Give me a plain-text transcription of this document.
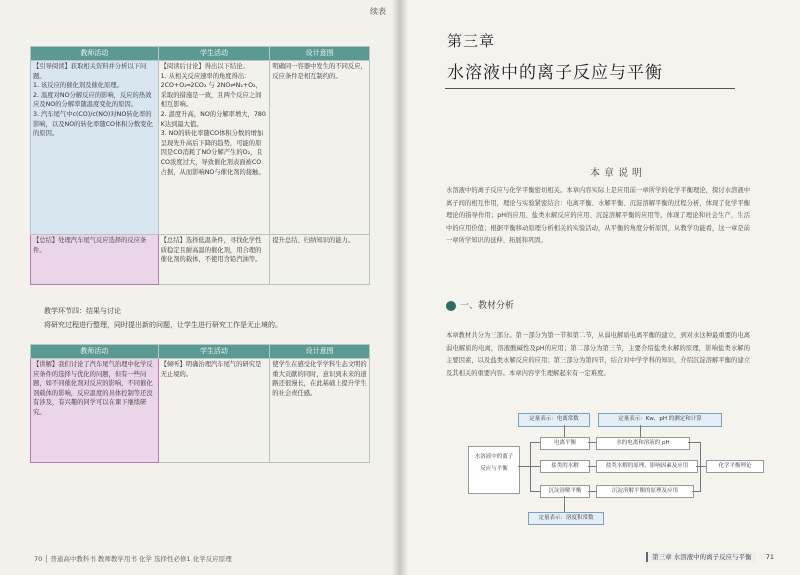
续表
教师活动	学生活动	设计意图
【引导阅读】获取相关资料并分析以下问题。
1. 该反应的催化剂及催化原理。
2. 温度对NO分解反应的影响，反应的热效应及NO的分解率随温度变化的原因。
3. 汽车尾气中c(CO)/c(NO)对NO转化率的影响，以及NO的转化率随CO体积分数变化的原因。	【阅读后讨论】得出以下结论。
1. 从相关反应速率的角度得出：
2CO+O₂═2CO₂ 与 2NO⇌N₂+O₂，采取的措施是一致，且两个反应之间相互影响。
2. 温度升高，NO的分解率增大，780 K达到最大值。
3. NO的转化率随CO体积分数的增加呈现先升高后下降的趋势，可能的原因是CO消耗了NO分解产生的O₂，且CO浓度过大，导致催化剂表面被CO占据，从而影响NO与催化剂的接触。	明确同一容器中发生的不同反应，反应条件是相互制约的。
【总结】处理汽车尾气反应选择的反应条件。	【总结】选择低温条件，寻找化学性质稳定且耐高温的催化剂，用合理的催化剂的载体，不使用含铅汽油等。	提升总结、归纳知识的能力。
教学环节四：结果与讨论
将研究过程进行整理，同时提出新的问题，让学生进行研究工作是无止境的。
教师活动	学生活动	设计意图
【讲解】我们讨论了汽车尾气治理中化学反应条件的选择与优化的问题，但有一些问题，如不同催化剂对反应的影响，不同催化剂载体的影响，反应温度的具体控制等还没有涉及，有兴趣的同学可以在课下继续研究。	【倾听】明确治理汽车尾气的研究是无止境的。	使学生在感受化学学科生态文明的重大贡献的同时，意识到未来的道路还很漫长，在此基础上提升学生的社会责任感。
70 │ 普通高中教科书 教师教学用书 化学 选择性必修1 化学反应原理
第三章
水溶液中的离子反应与平衡
本章说明
水溶液中的离子反应与化学平衡密切相关。本章内容实际上是应用前一章所学的化学平衡理论，探讨水溶液中离子间的相互作用，理论与实验紧密结合：电离平衡、水解平衡、沉淀溶解平衡的过程分析，体现了化学平衡理论的指导作用；pH的应用、盐类水解反应的应用、沉淀溶解平衡的应用等，体现了理论和社会生产、生活中的应用价值；根据平衡移动原理分析相关的实验活动，从平衡的角度分析原因，从教学功能看，这一章是前一章所学知识的延伸、拓展和巩固。
一、教材分析
本章教材共分为三部分。第一部分为第一节和第二节，从弱电解质电离平衡的建立，到对水这种最重要的电离弱电解质的电离，溶液酸碱性及pH的应用；第二部分为第三节，主要介绍盐类水解的原理，影响盐类水解的主要因素，以及盐类水解反应的应用；第三部分为第四节，结合对中学学科的知识，介绍沉淀溶解平衡的建立及其相关的重要内容。本章内容学生理解起来有一定难度。
定量表示：电离常数	定量表示：Kw，pH 的测定和计算
水溶液中的离子
反应与平衡
电离平衡	水的电离和溶液的 pH
盐类的水解	盐类水解的原理、影响因素及应用
沉淀溶解平衡	沉淀溶解平衡的原理及应用
化学平衡理论
定量表示：溶度积常数
第三章 水溶液中的离子反应与平衡 71
